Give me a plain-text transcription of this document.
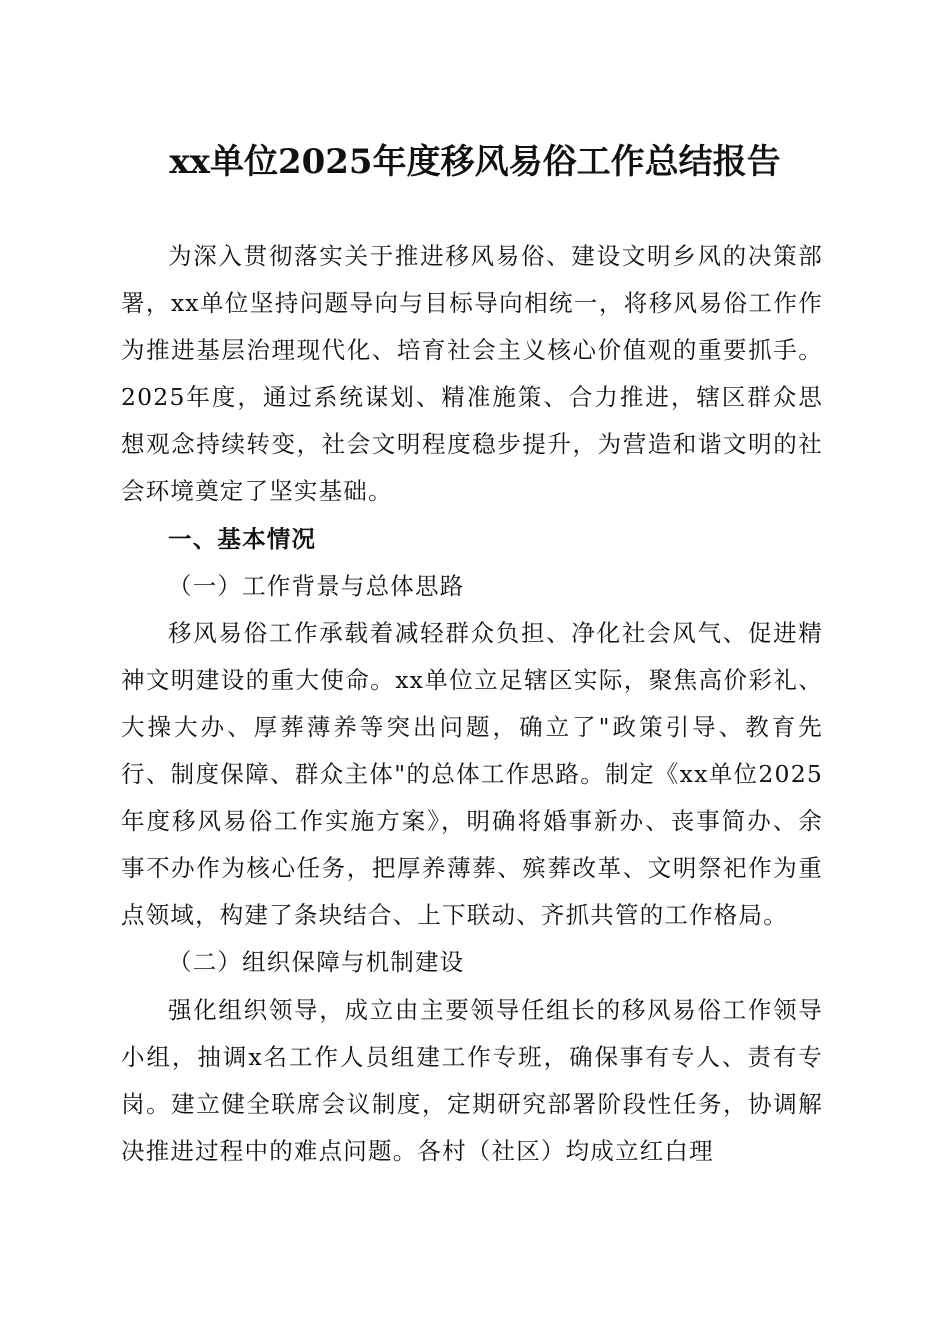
xx单位2025年度移风易俗工作总结报告

为深入贯彻落实关于推进移风易俗、建设文明乡风的决策部署，xx单位坚持问题导向与目标导向相统一，将移风易俗工作作为推进基层治理现代化、培育社会主义核心价值观的重要抓手。2025年度，通过系统谋划、精准施策、合力推进，辖区群众思想观念持续转变，社会文明程度稳步提升，为营造和谐文明的社会环境奠定了坚实基础。

一、基本情况

（一）工作背景与总体思路

移风易俗工作承载着减轻群众负担、净化社会风气、促进精神文明建设的重大使命。xx单位立足辖区实际，聚焦高价彩礼、大操大办、厚葬薄养等突出问题，确立了"政策引导、教育先行、制度保障、群众主体"的总体工作思路。制定《xx单位2025年度移风易俗工作实施方案》，明确将婚事新办、丧事简办、余事不办作为核心任务，把厚养薄葬、殡葬改革、文明祭祀作为重点领域，构建了条块结合、上下联动、齐抓共管的工作格局。

（二）组织保障与机制建设

强化组织领导，成立由主要领导任组长的移风易俗工作领导小组，抽调x名工作人员组建工作专班，确保事有专人、责有专岗。建立健全联席会议制度，定期研究部署阶段性任务，协调解决推进过程中的难点问题。各村（社区）均成立红白理
